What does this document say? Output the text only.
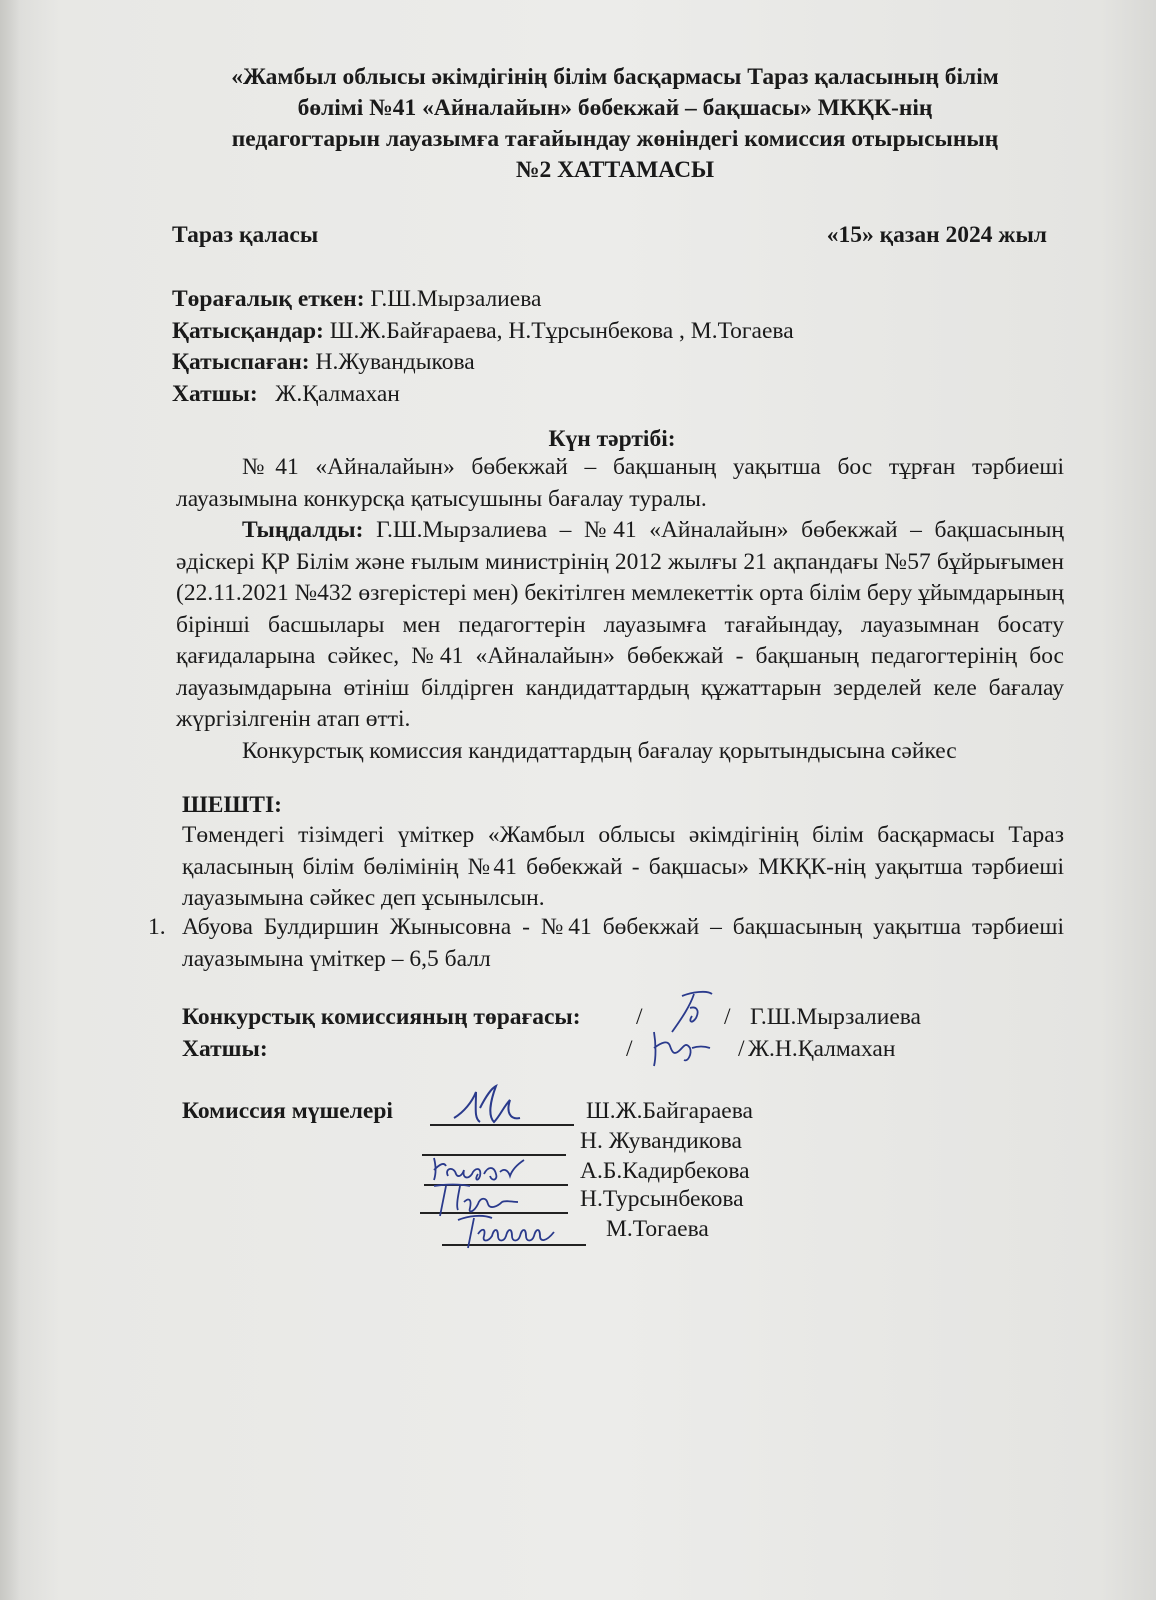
«Жамбыл облысы әкімдігінің білім басқармасы Тараз қаласының білім
бөлімі №41 «Айналайын» бөбекжай – бақшасы» МКҚК-нің
педагогтарын лауазымға тағайындау жөніндегі комиссия отырысының
№2 ХАТТАМАСЫ
Тараз қаласы	«15» қазан 2024 жыл
Төрағалық еткен: Г.Ш.Мырзалиева
Қатысқандар: Ш.Ж.Байғараева, Н.Тұрсынбекова , М.Тогаева
Қатыспаған: Н.Жувандыкова
Хатшы:   Ж.Қалмахан
Күн тәртібі:

№41 «Айналайын» бөбекжай – бақшаның уақытша бос тұрған тәрбиеші лауазымына конкурсқа қатысушыны бағалау туралы.

Тыңдалды: Г.Ш.Мырзалиева – №41 «Айналайын» бөбекжай – бақшасының әдіскері ҚР Білім және ғылым министрінің 2012 жылғы 21 ақпандағы №57 бұйрығымен (22.11.2021 №432 өзгерістері мен) бекітілген мемлекеттік орта білім беру ұйымдарының бірінші басшылары мен педагогтерін лауазымға тағайындау, лауазымнан босату қағидаларына сәйкес, №41 «Айналайын» бөбекжай - бақшаның педагогтерінің бос лауазымдарына өтініш білдірген кандидаттардың құжаттарын зерделей келе бағалау жүргізілгенін атап өтті.

Конкурстық комиссия кандидаттардың бағалау қорытындысына сәйкес

ШЕШТІ:

Төмендегі тізімдегі үміткер «Жамбыл облысы әкімдігінің білім басқармасы Тараз қаласының білім бөлімінің №41 бөбекжай - бақшасы» МКҚК-нің уақытша тәрбиеші лауазымына сәйкес деп ұсынылсын.

1. Абуова Булдиршин Жынысовна - №41 бөбекжай – бақшасының уақытша тәрбиеші лауазымына үміткер – 6,5 балл
Конкурстық комиссияның төрағасы: /	/ Г.Ш.Мырзалиева
Хатшы:	/	/ Ж.Н.Қалмахан
Комиссия мүшелері	Ш.Ж.Байгараева
Н. Жувандикова
А.Б.Кадирбекова
Н.Турсынбекова
М.Тогаева
